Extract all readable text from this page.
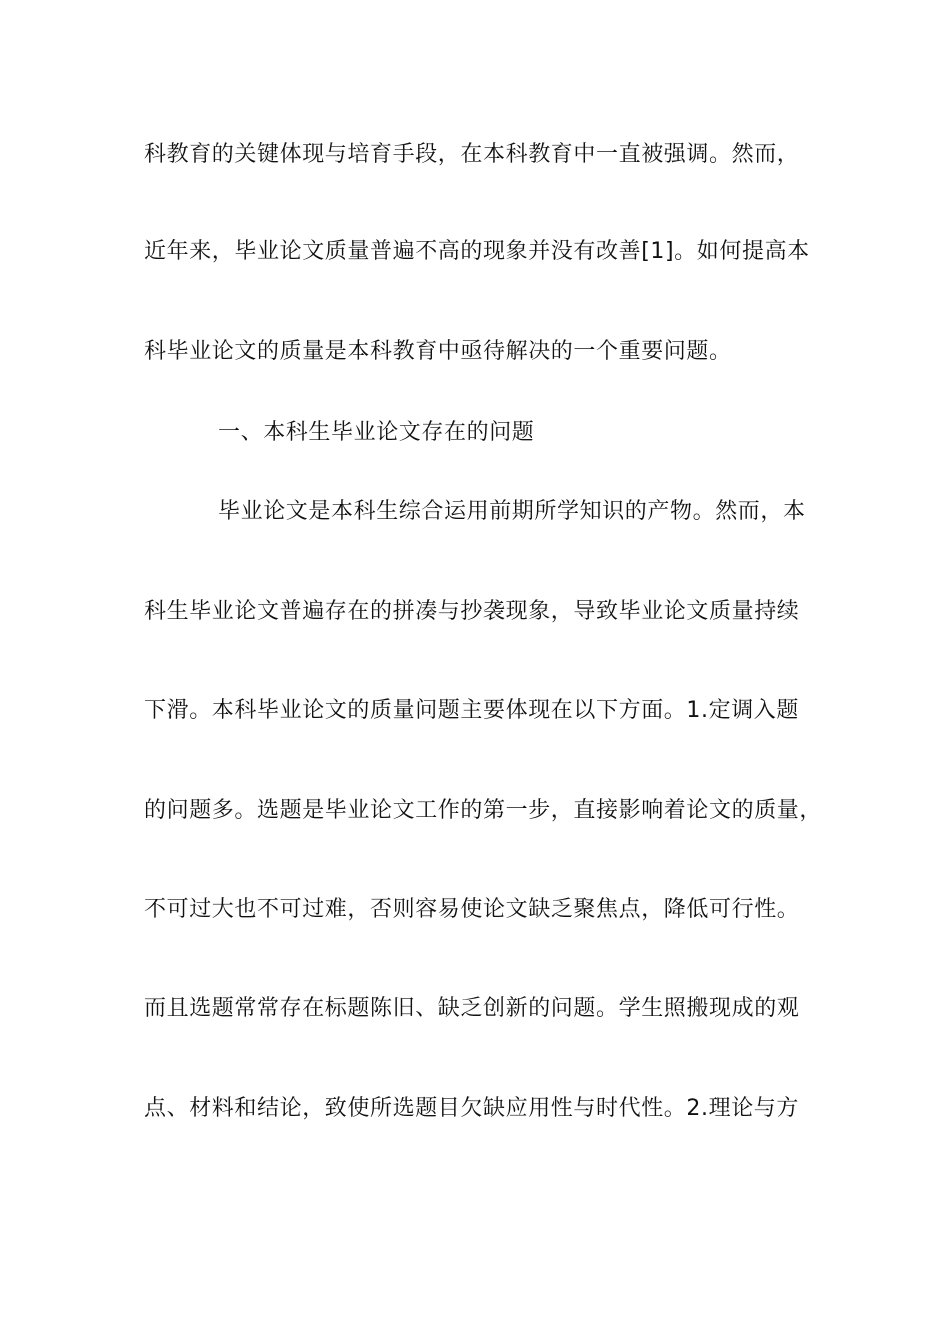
科教育的关键体现与培育手段，在本科教育中一直被强调。然而，
近年来，毕业论文质量普遍不高的现象并没有改善[1]。如何提高本
科毕业论文的质量是本科教育中亟待解决的一个重要问题。
一、本科生毕业论文存在的问题
毕业论文是本科生综合运用前期所学知识的产物。然而，本
科生毕业论文普遍存在的拼凑与抄袭现象，导致毕业论文质量持续
下滑。本科毕业论文的质量问题主要体现在以下方面。1.定调入题
的问题多。选题是毕业论文工作的第一步，直接影响着论文的质量，
不可过大也不可过难，否则容易使论文缺乏聚焦点，降低可行性。
而且选题常常存在标题陈旧、缺乏创新的问题。学生照搬现成的观
点、材料和结论，致使所选题目欠缺应用性与时代性。2.理论与方
